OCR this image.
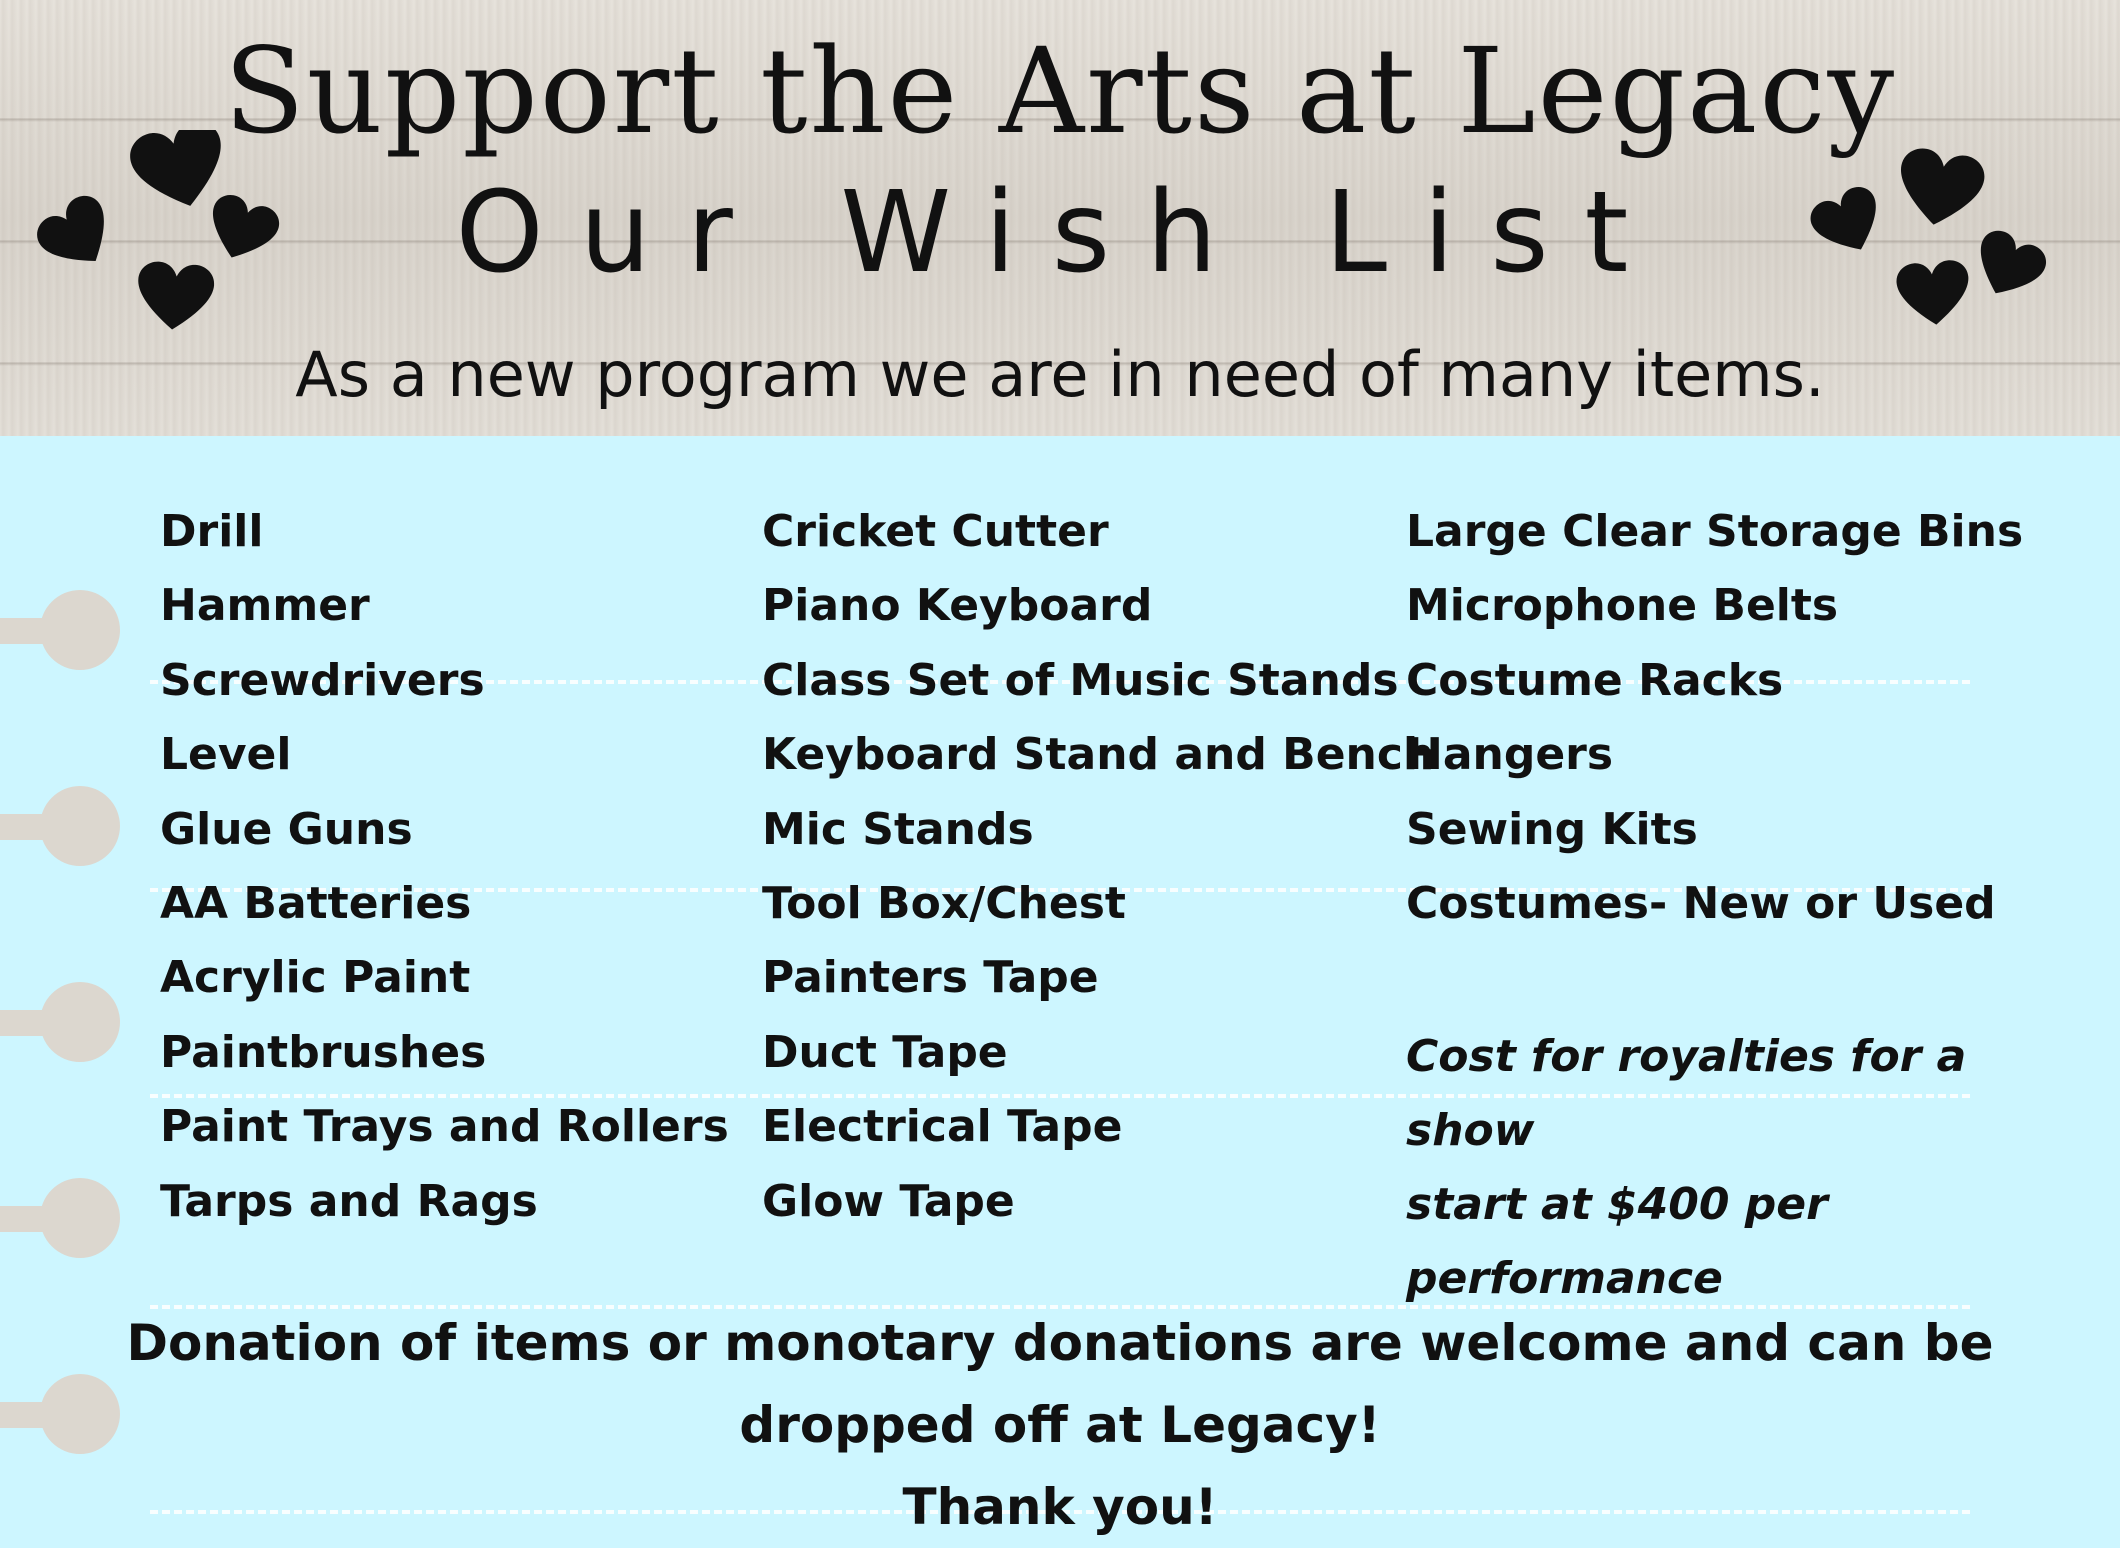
Support the Arts at Legacy
Our Wish List
As a new program we are in need of many items.
Drill
Hammer
Screwdrivers
Level
Glue Guns
AA Batteries
Acrylic Paint
Paintbrushes
Paint Trays and Rollers
Tarps and Rags
Cricket Cutter
Piano Keyboard
Class Set of Music Stands
Keyboard Stand and Bench
Mic Stands
Tool Box/Chest
Painters Tape
Duct Tape
Electrical Tape
Glow Tape
Large Clear Storage Bins
Microphone Belts
Costume Racks
Hangers
Sewing Kits
Costumes- New or Used
Cost for royalties for a show
start at $400 per performance
Donation of items or monotary donations are welcome and can be
dropped off at Legacy!
Thank you!
